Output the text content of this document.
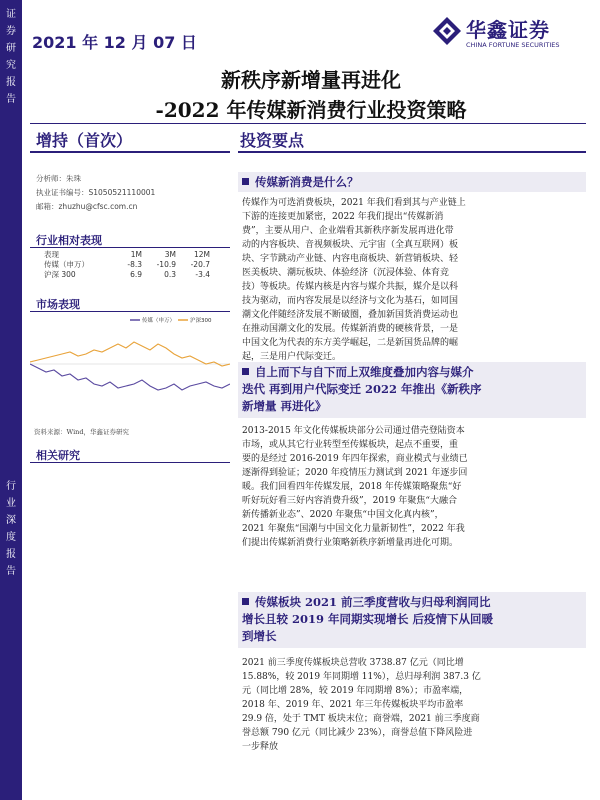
证
券
研
究
报
告
行
业
深
度
报
告
2021 年 12 月 07 日
华鑫证券
CHINA FORTUNE SECURITIES
新秩序新增量再进化
-2022 年传媒新消费行业投资策略
增持（首次）	投资要点
分析师：朱珠
执业证书编号：S1050521110001
邮箱：zhuzhu@cfsc.com.cn
行业相对表现
表现	1M	3M	12M
传媒（申万）	-8.3	-10.9	-20.7
沪深 300	6.9	0.3	-3.4
市场表现
传媒（申万）	沪深300
资料来源：Wind，华鑫证券研究
相关研究
传媒新消费是什么？
传媒作为可选消费板块，2021 年我们看到其与产业链上
下游的连接更加紧密，2022 年我们提出“传媒新消
费”，主要从用户、企业端看其新秩序新发展再进化带
动的内容板块、音视频板块、元宇宙（全真互联网）板
块、字节跳动产业链、内容电商板块、新营销板块、轻
医美板块、潮玩板块、体验经济（沉浸体验、体育竞
技）等板块。传媒内核是内容与媒介共振，媒介是以科
技为驱动，而内容发展是以经济与文化为基石，如同国
潮文化伴随经济发展不断破圈，叠加新国货消费运动也
在推动国潮文化的发展。传媒新消费的硬核背景，一是
中国文化为代表的东方美学崛起，二是新国货品牌的崛
起，三是用户代际变迁。
自上而下与自下而上双维度叠加内容与媒介
迭代 再到用户代际变迁 2022 年推出《新秩序
新增量 再进化》
2013-2015 年文化传媒板块部分公司通过借壳登陆资本
市场，或从其它行业转型至传媒板块，起点不重要，重
要的是经过 2016-2019 年四年探索，商业模式与业绩已
逐渐得到验证；2020 年疫情压力测试到 2021 年逐步回
暖。我们回看四年传媒发展，2018 年传媒策略聚焦“好
听好玩好看三好内容消费升级”，2019 年聚焦“大融合
新传播新业态”、2020 年聚焦“中国文化真内核”，
2021 年聚焦“国潮与中国文化力量新韧性”，2022 年我
们提出传媒新消费行业策略新秩序新增量再进化可期。
传媒板块 2021 前三季度营收与归母利润同比
增长且较 2019 年同期实现增长 后疫情下从回暖
到增长
2021 前三季度传媒板块总营收 3738.87 亿元（同比增
15.88%，较 2019 年同期增 11%），总归母利润 387.3 亿
元（同比增 28%，较 2019 年同期增 8%）；市盈率端，
2018 年、2019 年、2021 年三年传媒板块平均市盈率
29.9 倍，处于 TMT 板块末位；商誉端，2021 前三季度商
誉总额 790 亿元（同比减少 23%），商誉总值下降风险进
一步释放
